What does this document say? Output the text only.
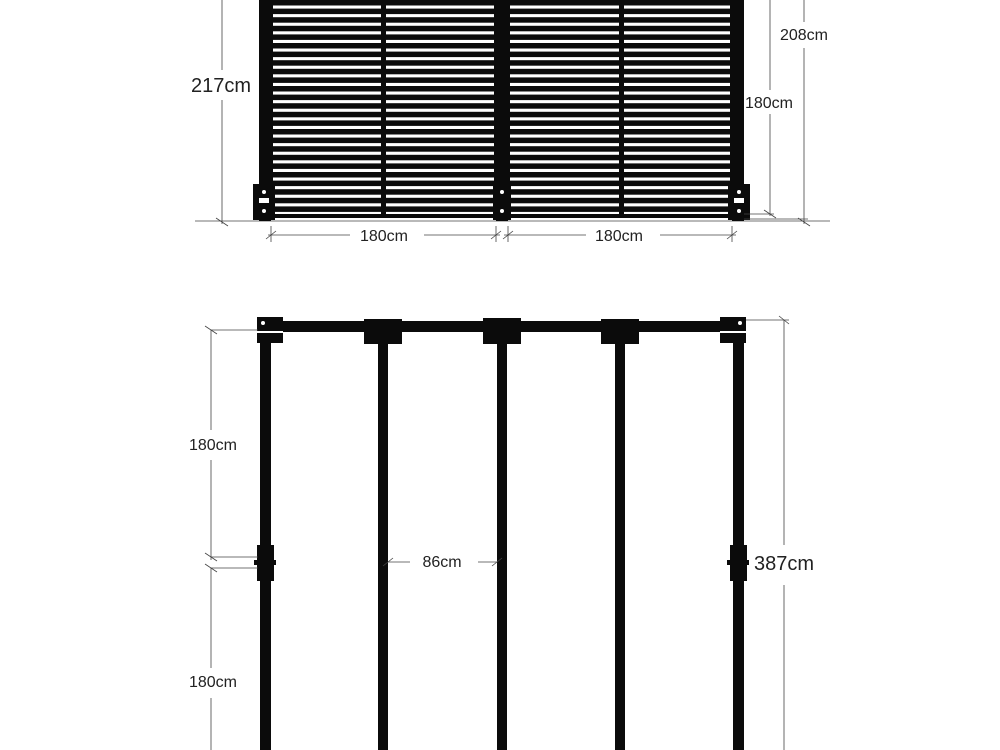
217cm
208cm
180cm
180cm	180cm
180cm
180cm
86cm	387cm
